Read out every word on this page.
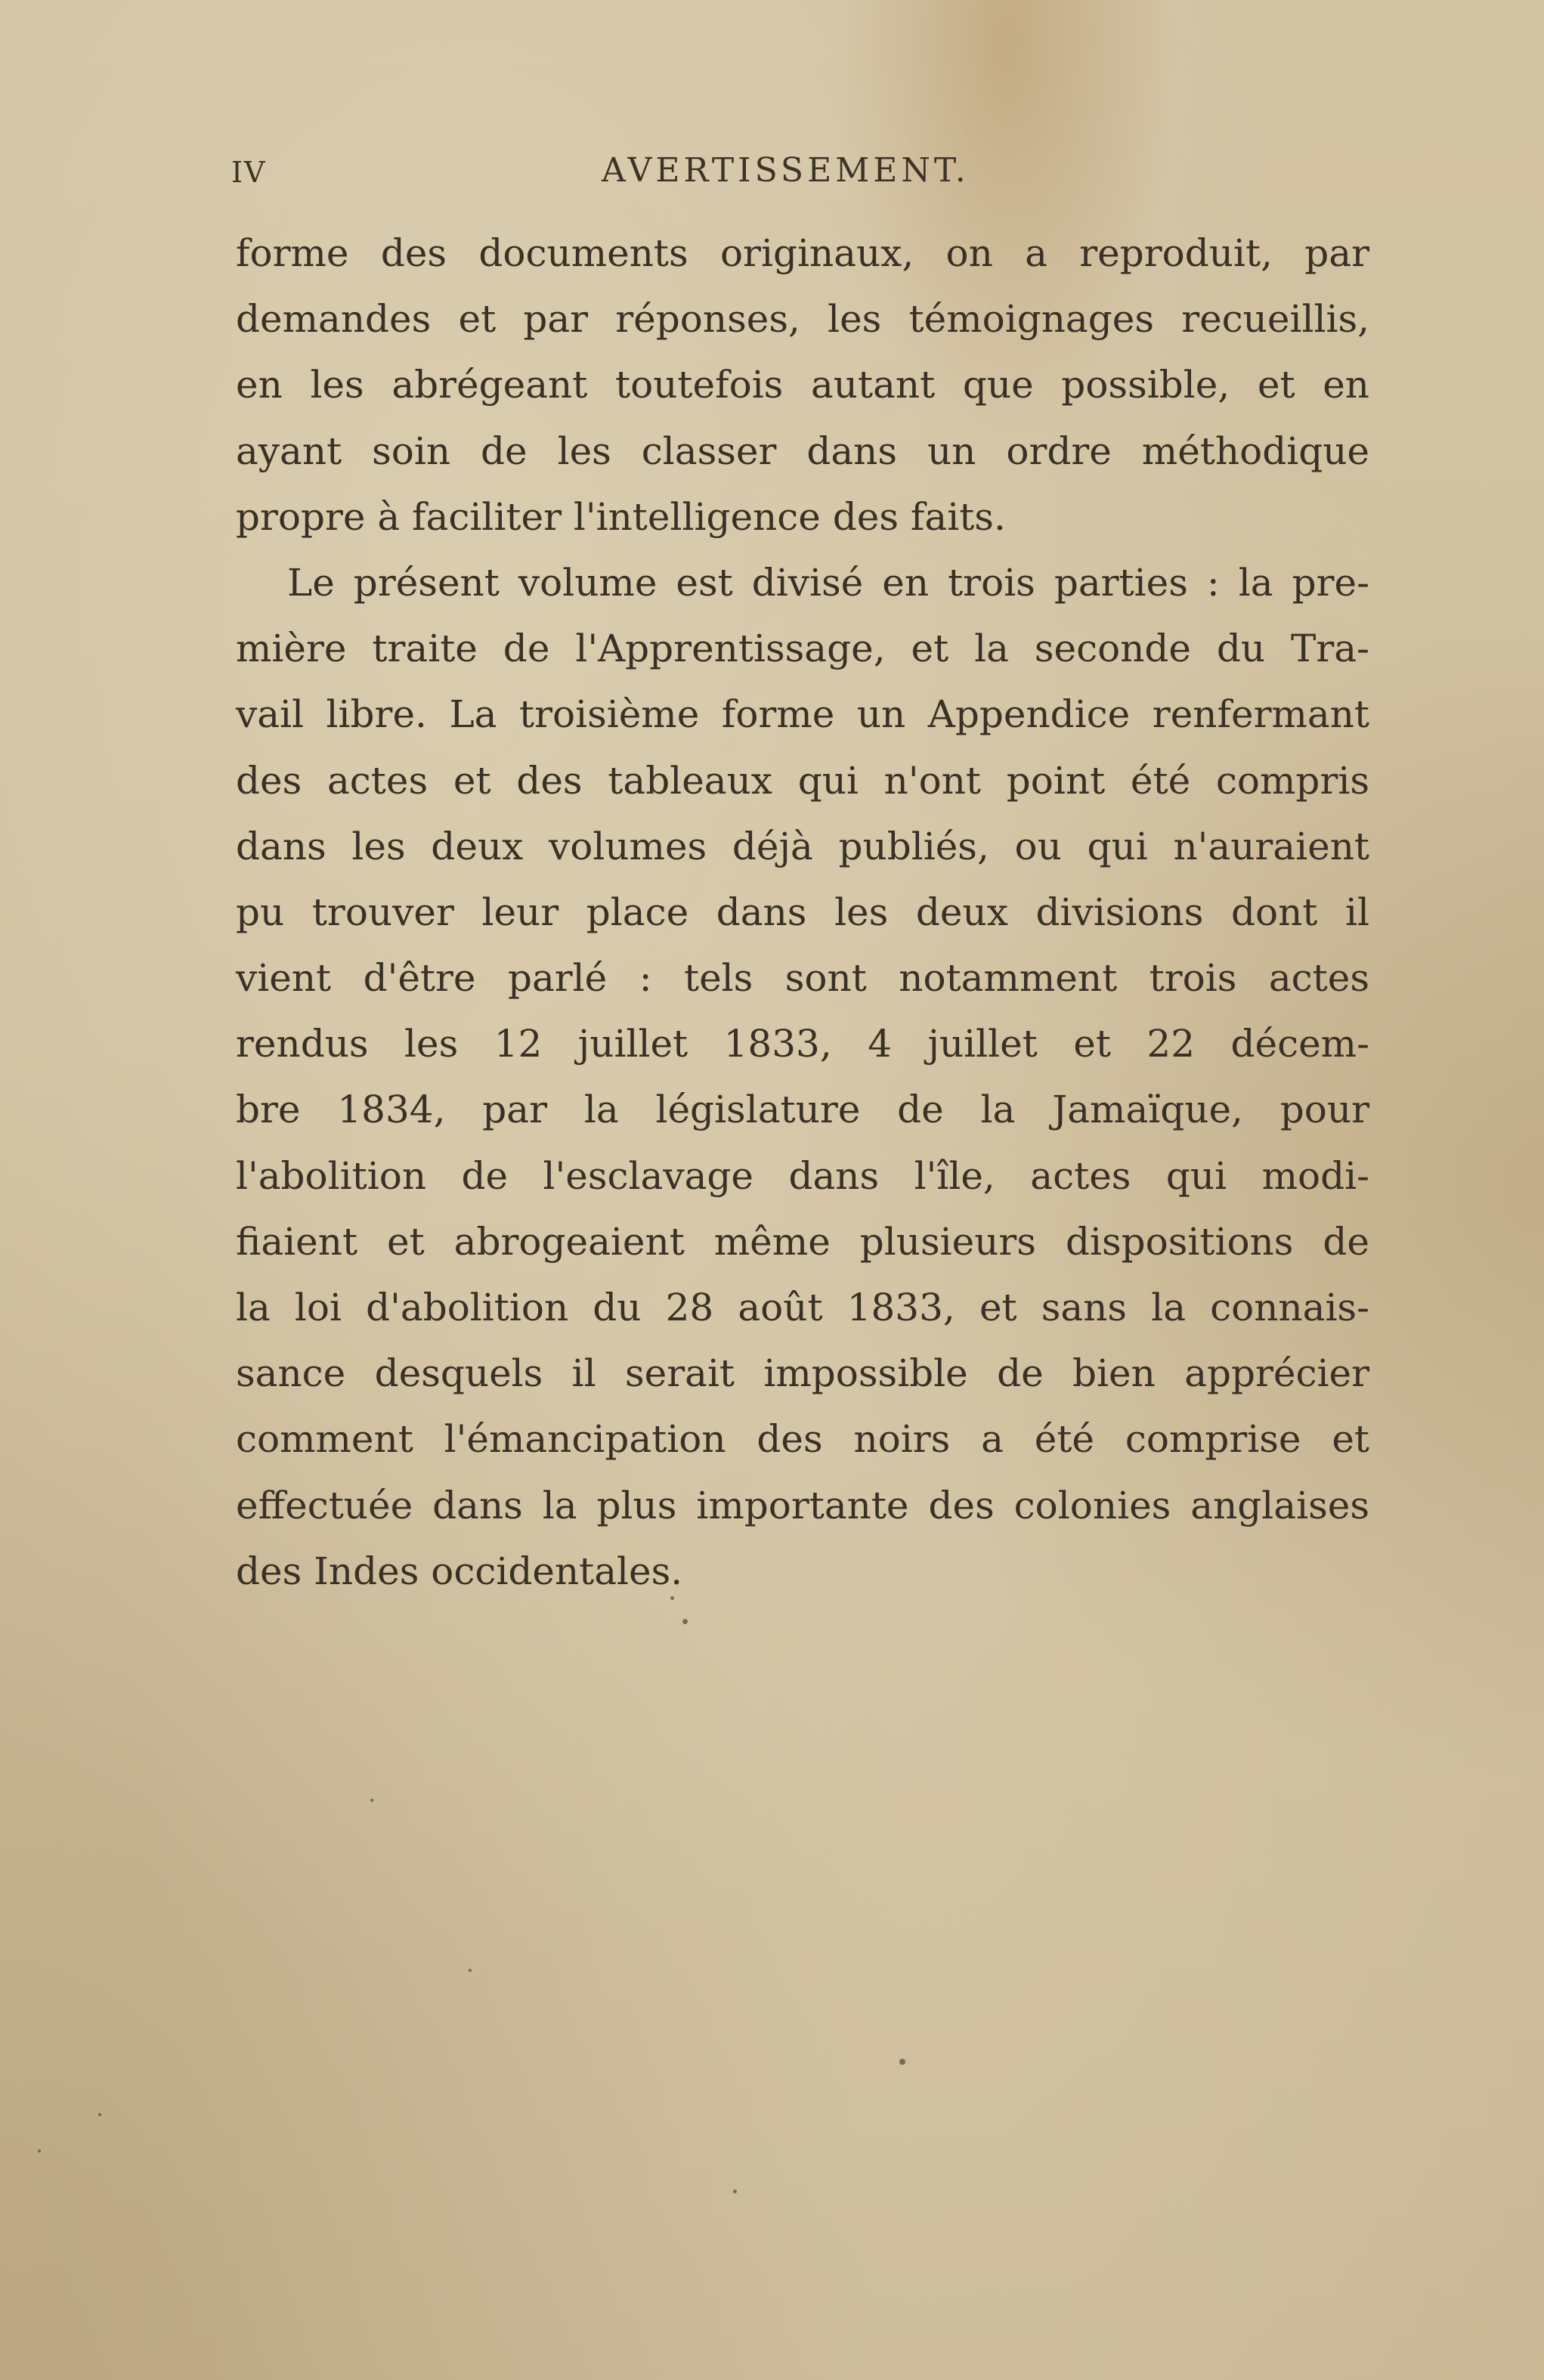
IV	AVERTISSEMENT.
forme des documents originaux, on a reproduit, par
demandes et par réponses, les témoignages recueillis,
en les abrégeant toutefois autant que possible, et en
ayant soin de les classer dans un ordre méthodique
propre à faciliter l'intelligence des faits.
Le présent volume est divisé en trois parties : la pre-
mière traite de l'Apprentissage, et la seconde du Tra-
vail libre. La troisième forme un Appendice renfermant
des actes et des tableaux qui n'ont point été compris
dans les deux volumes déjà publiés, ou qui n'auraient
pu trouver leur place dans les deux divisions dont il
vient d'être parlé : tels sont notamment trois actes
rendus les 12 juillet 1833, 4 juillet et 22 décem-
bre 1834, par la législature de la Jamaïque, pour
l'abolition de l'esclavage dans l'île, actes qui modi-
fiaient et abrogeaient même plusieurs dispositions de
la loi d'abolition du 28 août 1833, et sans la connais-
sance desquels il serait impossible de bien apprécier
comment l'émancipation des noirs a été comprise et
effectuée dans la plus importante des colonies anglaises
des Indes occidentales.
